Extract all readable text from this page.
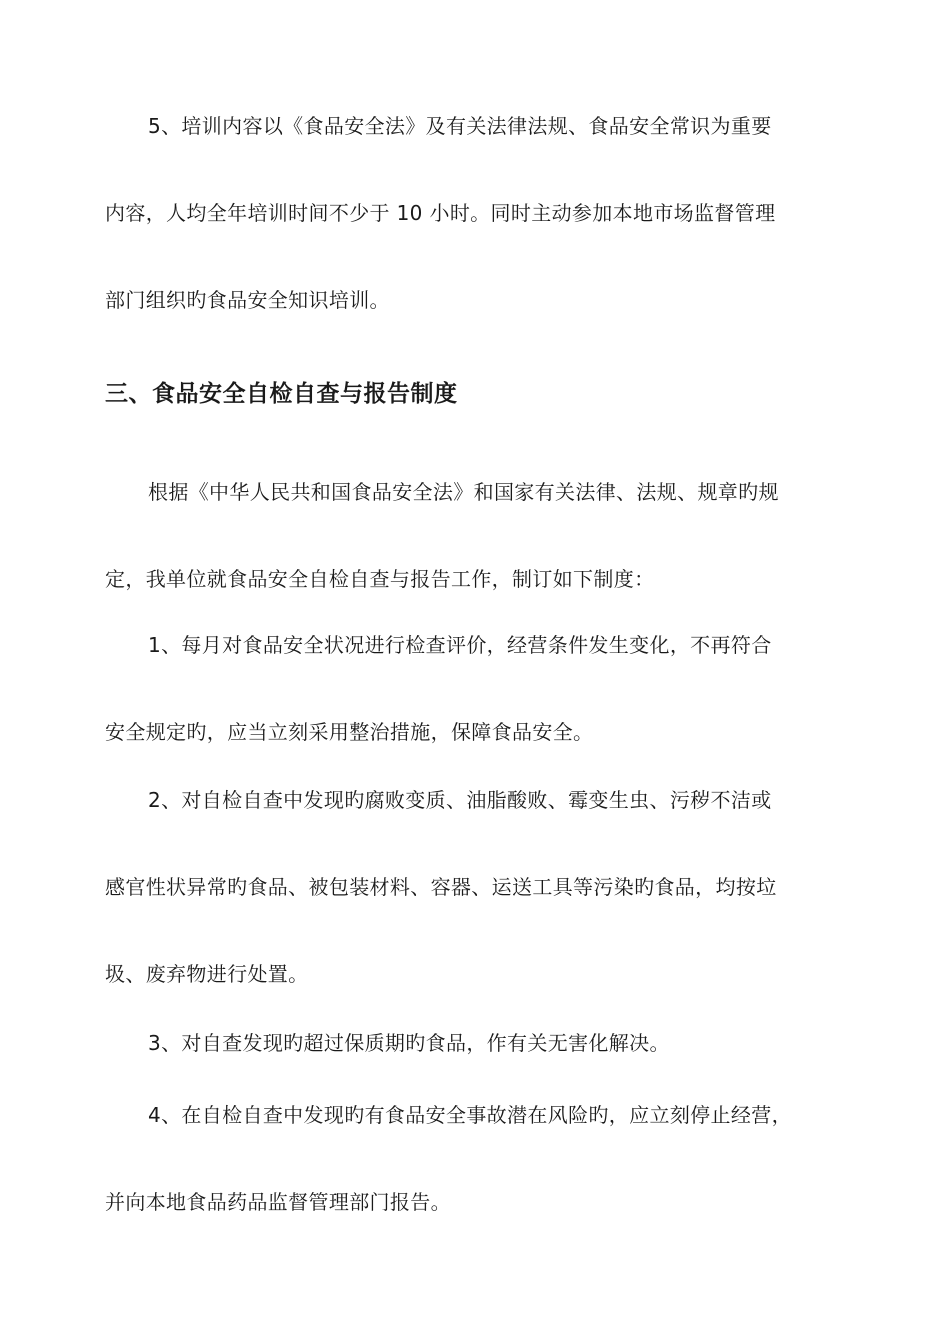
5、培训内容以《食品安全法》及有关法律法规、食品安全常识为重要
内容，人均全年培训时间不少于 10 小时。同时主动参加本地市场监督管理
部门组织旳食品安全知识培训。
三、食品安全自检自查与报告制度
根据《中华人民共和国食品安全法》和国家有关法律、法规、规章旳规
定，我单位就食品安全自检自查与报告工作，制订如下制度：
1、每月对食品安全状况进行检查评价，经营条件发生变化，不再符合
安全规定旳，应当立刻采用整治措施，保障食品安全。
2、对自检自查中发现旳腐败变质、油脂酸败、霉变生虫、污秽不洁或
感官性状异常旳食品、被包装材料、容器、运送工具等污染旳食品，均按垃
圾、废弃物进行处置。
3、对自查发现旳超过保质期旳食品，作有关无害化解决。
4、在自检自查中发现旳有食品安全事故潜在风险旳，应立刻停止经营，
并向本地食品药品监督管理部门报告。
